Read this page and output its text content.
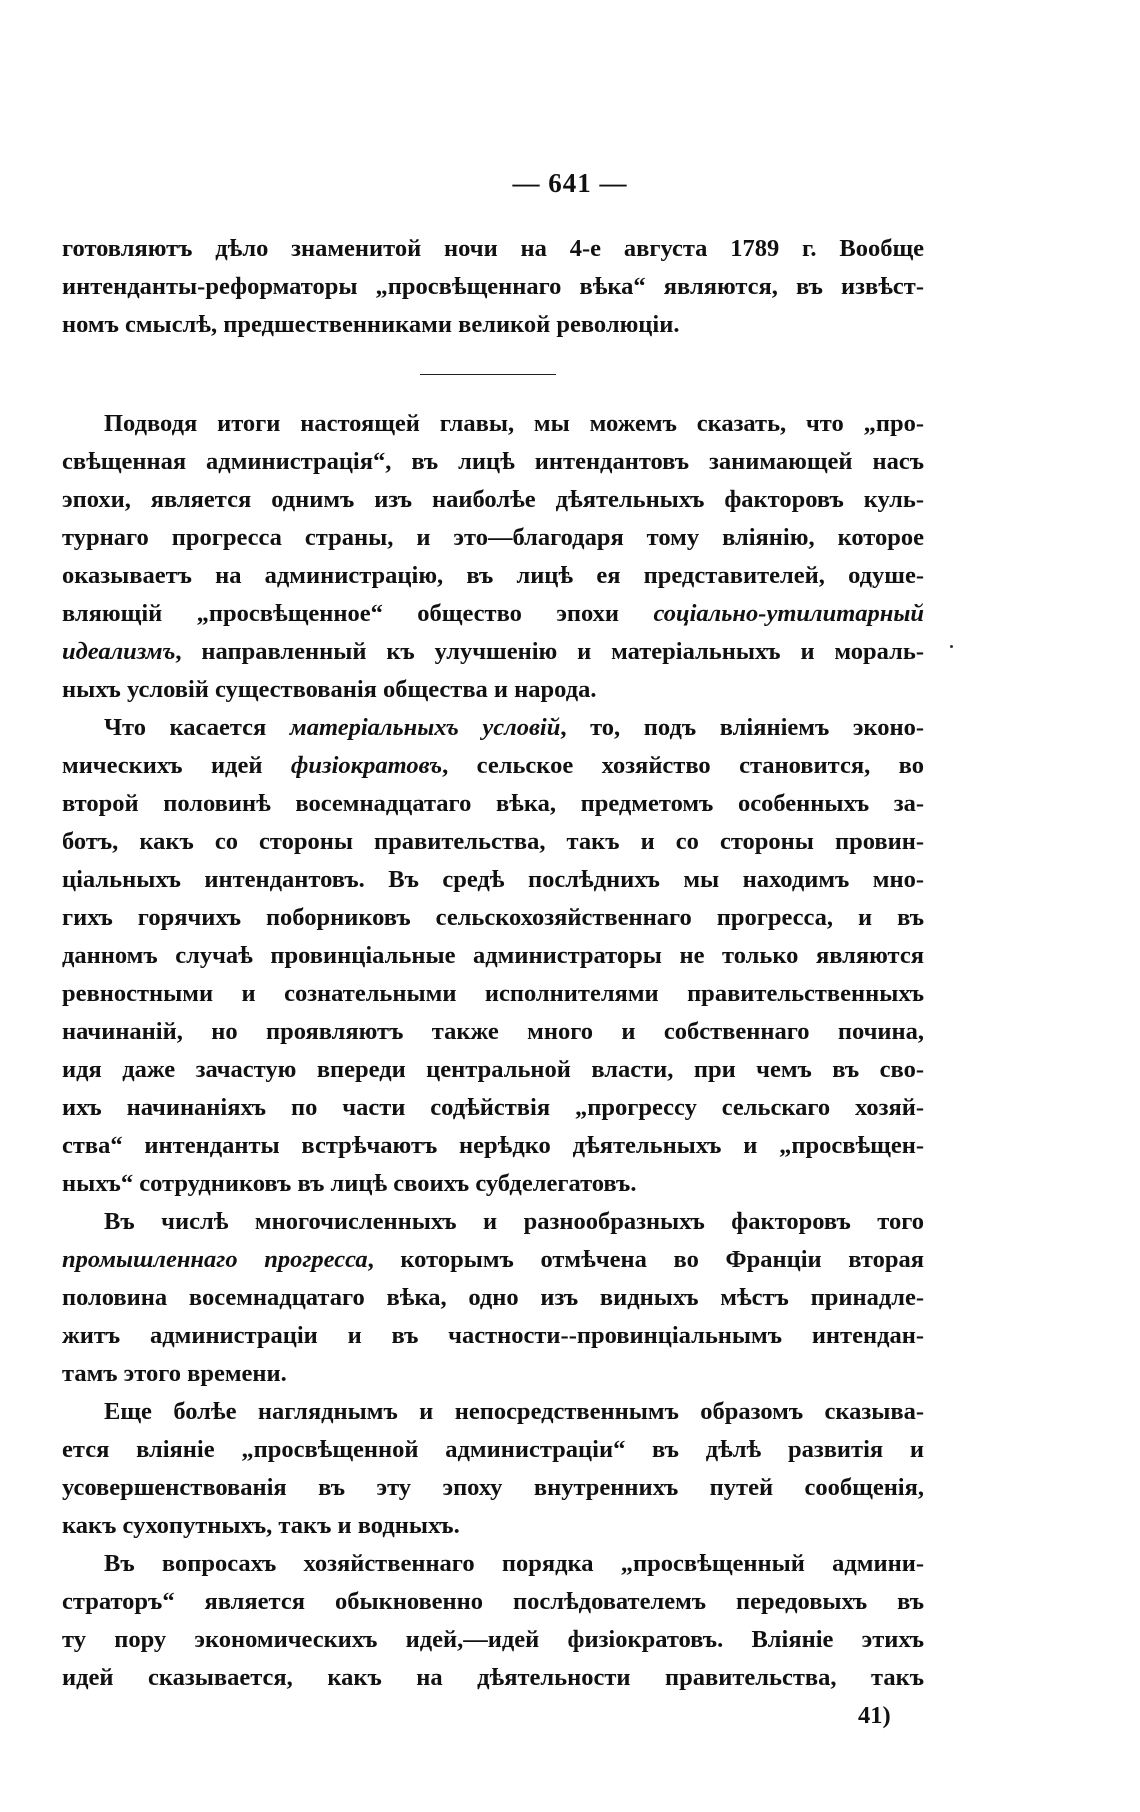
— 641 —
готовляютъ дѣло знаменитой ночи на 4-е августа 1789 г. Вообще
интенданты-реформаторы „просвѣщеннаго вѣка“ являются, въ извѣст-
номъ смыслѣ, предшественниками великой революціи.
Подводя итоги настоящей главы, мы можемъ сказать, что „про-
свѣщенная администрація“, въ лицѣ интендантовъ занимающей насъ
эпохи, является однимъ изъ наиболѣе дѣятельныхъ факторовъ куль-
турнаго прогресса страны, и это—благодаря тому вліянію, которое
оказываетъ на администрацію, въ лицѣ ея представителей, одуше-
вляющій „просвѣщенное“ общество эпохи соціально-утилитарный
идеализмъ, направленный къ улучшенію и матеріальныхъ и мораль-
ныхъ условій существованія общества и народа.
Что касается матеріальныхъ условій, то, подъ вліяніемъ эконо-
мическихъ идей физіократовъ, сельское хозяйство становится, во
второй половинѣ восемнадцатаго вѣка, предметомъ особенныхъ за-
ботъ, какъ со стороны правительства, такъ и со стороны провин-
ціальныхъ интендантовъ. Въ средѣ послѣднихъ мы находимъ мно-
гихъ горячихъ поборниковъ сельскохозяйственнаго прогресса, и въ
данномъ случаѣ провинціальные администраторы не только являются
ревностными и сознательными исполнителями правительственныхъ
начинаній, но проявляютъ также много и собственнаго почина,
идя даже зачастую впереди центральной власти, при чемъ въ сво-
ихъ начинаніяхъ по части содѣйствія „прогрессу сельскаго хозяй-
ства“ интенданты встрѣчаютъ нерѣдко дѣятельныхъ и „просвѣщен-
ныхъ“ сотрудниковъ въ лицѣ своихъ субделегатовъ.
Въ числѣ многочисленныхъ и разнообразныхъ факторовъ того
промышленнаго прогресса, которымъ отмѣчена во Франціи вторая
половина восемнадцатаго вѣка, одно изъ видныхъ мѣстъ принадле-
житъ администраціи и въ частности--провинціальнымъ интендан-
тамъ этого времени.
Еще болѣе нагляднымъ и непосредственнымъ образомъ сказыва-
ется вліяніе „просвѣщенной администраціи“ въ дѣлѣ развитія и
усовершенствованія въ эту эпоху внутреннихъ путей сообщенія,
какъ сухопутныхъ, такъ и водныхъ.
Въ вопросахъ хозяйственнаго порядка „просвѣщенный админи-
страторъ“ является обыкновенно послѣдователемъ передовыхъ въ
ту пору экономическихъ идей,—идей физіократовъ. Вліяніе этихъ
идей сказывается, какъ на дѣятельности правительства, такъ
41)
